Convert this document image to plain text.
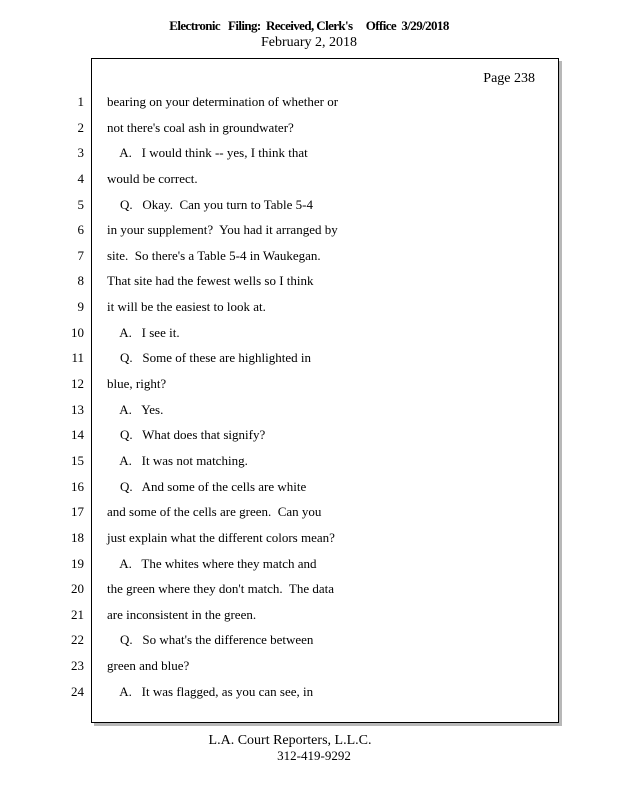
Electronic   Filing:  Received, Clerk's     Office  3/29/2018
February 2, 2018
Page 238
1
2
3
4
5
6
7
8
9
10
11
12
13
14
15
16
17
18
19
20
21
22
23
24
bearing on your determination of whether or
not there's coal ash in groundwater?
A.   I would think -- yes, I think that
would be correct.
Q.   Okay.  Can you turn to Table 5-4
in your supplement?  You had it arranged by
site.  So there's a Table 5-4 in Waukegan.
That site had the fewest wells so I think
it will be the easiest to look at.
A.   I see it.
Q.   Some of these are highlighted in
blue, right?
A.   Yes.
Q.   What does that signify?
A.   It was not matching.
Q.   And some of the cells are white
and some of the cells are green.  Can you
just explain what the different colors mean?
A.   The whites where they match and
the green where they don't match.  The data
are inconsistent in the green.
Q.   So what's the difference between
green and blue?
A.   It was flagged, as you can see, in
L.A. Court Reporters, L.L.C.
312-419-9292
